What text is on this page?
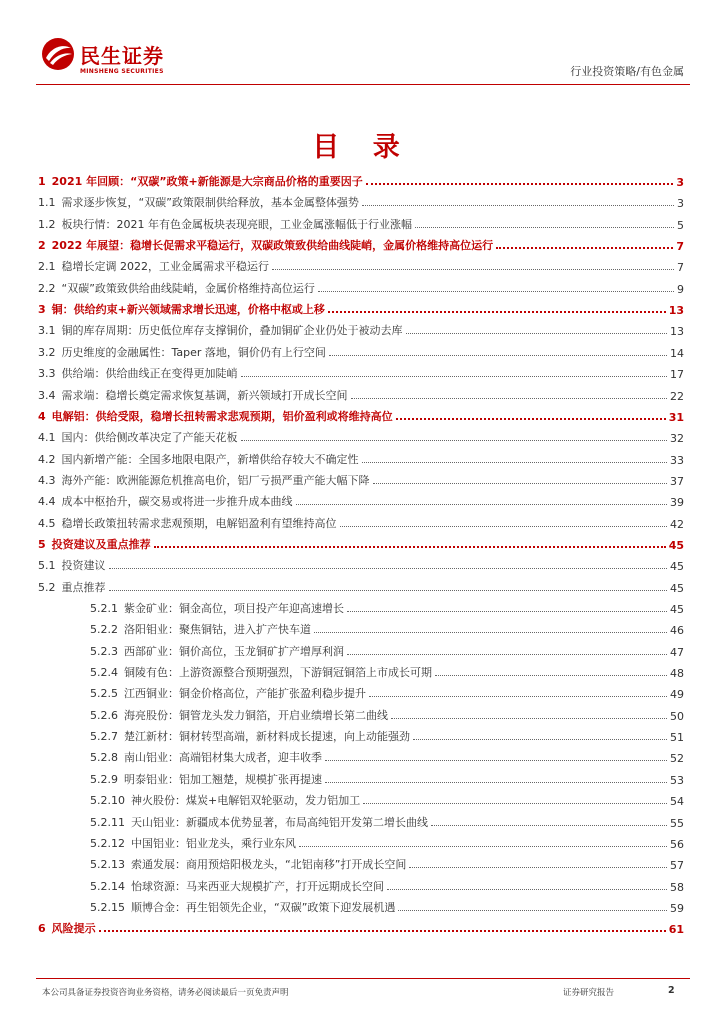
民生证券
MINSHENG SECURITIES	行业投资策略/有色金属
目 录
1 2021 年回顾：“双碳”政策+新能源是大宗商品价格的重要因子	3
1.1 需求逐步恢复，“双碳”政策限制供给释放，基本金属整体强势	3
1.2 板块行情：2021 年有色金属板块表现亮眼，工业金属涨幅低于行业涨幅	5
2 2022 年展望：稳增长促需求平稳运行，双碳政策致供给曲线陡峭，金属价格维持高位运行	7
2.1 稳增长定调 2022，工业金属需求平稳运行	7
2.2 “双碳”政策致供给曲线陡峭，金属价格维持高位运行	9
3 铜：供给约束+新兴领域需求增长迅速，价格中枢或上移	13
3.1 铜的库存周期：历史低位库存支撑铜价，叠加铜矿企业仍处于被动去库	13
3.2 历史维度的金融属性：Taper 落地，铜价仍有上行空间	14
3.3 供给端：供给曲线正在变得更加陡峭	17
3.4 需求端：稳增长奠定需求恢复基调，新兴领域打开成长空间	22
4 电解铝：供给受限，稳增长扭转需求悲观预期，铝价盈利或将维持高位	31
4.1 国内：供给侧改革决定了产能天花板	32
4.2 国内新增产能：全国多地限电限产，新增供给存较大不确定性	33
4.3 海外产能：欧洲能源危机推高电价，铝厂亏损严重产能大幅下降	37
4.4 成本中枢抬升，碳交易或将进一步推升成本曲线	39
4.5 稳增长政策扭转需求悲观预期，电解铝盈利有望维持高位	42
5 投资建议及重点推荐	45
5.1 投资建议	45
5.2 重点推荐	45
5.2.1 紫金矿业：铜金高位，项目投产年迎高速增长	45
5.2.2 洛阳钼业：聚焦铜钴，进入扩产快车道	46
5.2.3 西部矿业：铜价高位，玉龙铜矿扩产增厚利润	47
5.2.4 铜陵有色：上游资源整合预期强烈，下游铜冠铜箔上市成长可期	48
5.2.5 江西铜业：铜金价格高位，产能扩张盈利稳步提升	49
5.2.6 海亮股份：铜管龙头发力铜箔，开启业绩增长第二曲线	50
5.2.7 楚江新材：铜材转型高端，新材料成长提速，向上动能强劲	51
5.2.8 南山铝业：高端铝材集大成者，迎丰收季	52
5.2.9 明泰铝业：铝加工翘楚，规模扩张再提速	53
5.2.10 神火股份：煤炭+电解铝双轮驱动，发力铝加工	54
5.2.11 天山铝业：新疆成本优势显著，布局高纯铝开发第二增长曲线	55
5.2.12 中国铝业：铝业龙头，乘行业东风	56
5.2.13 索通发展：商用预焙阳极龙头，“北铝南移”打开成长空间	57
5.2.14 怡球资源：马来西亚大规模扩产，打开远期成长空间	58
5.2.15 顺博合金：再生铝领先企业，“双碳”政策下迎发展机遇	59
6 风险提示	61
本公司具备证券投资咨询业务资格，请务必阅读最后一页免责声明	证券研究报告	2
